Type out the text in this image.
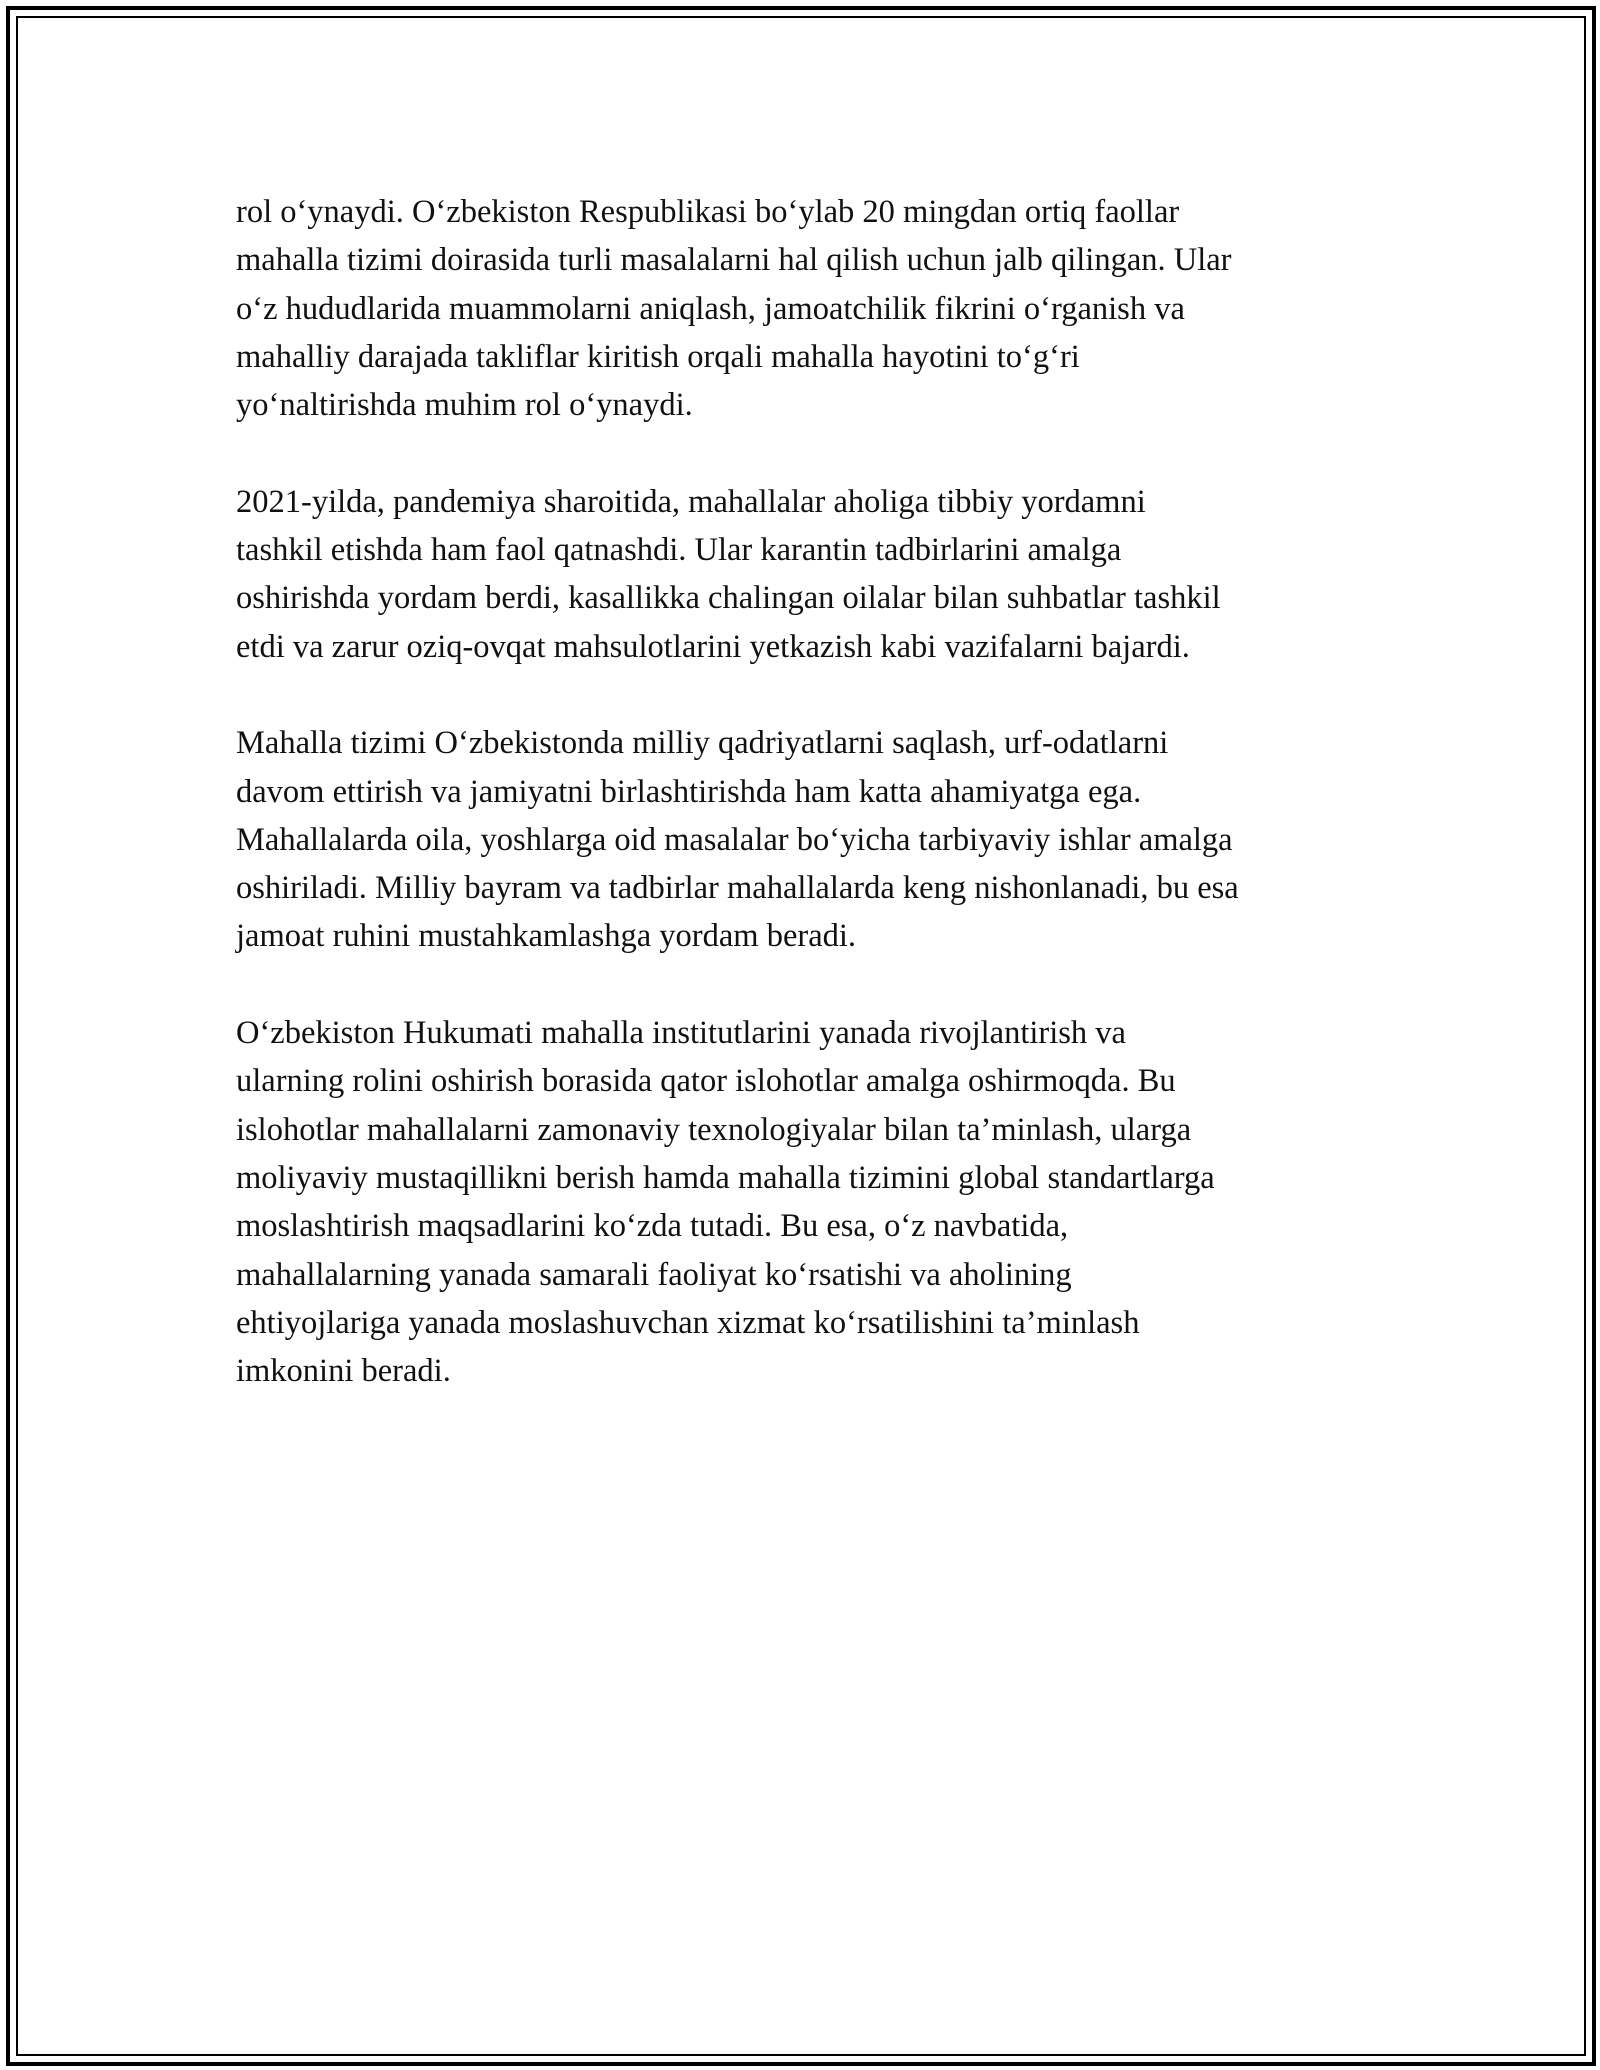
rol o‘ynaydi. O‘zbekiston Respublikasi bo‘ylab 20 mingdan ortiq faollar
mahalla tizimi doirasida turli masalalarni hal qilish uchun jalb qilingan. Ular
o‘z hududlarida muammolarni aniqlash, jamoatchilik fikrini o‘rganish va
mahalliy darajada takliflar kiritish orqali mahalla hayotini to‘g‘ri
yo‘naltirishda muhim rol o‘ynaydi.

2021-yilda, pandemiya sharoitida, mahallalar aholiga tibbiy yordamni
tashkil etishda ham faol qatnashdi. Ular karantin tadbirlarini amalga
oshirishda yordam berdi, kasallikka chalingan oilalar bilan suhbatlar tashkil
etdi va zarur oziq-ovqat mahsulotlarini yetkazish kabi vazifalarni bajardi.

Mahalla tizimi O‘zbekistonda milliy qadriyatlarni saqlash, urf-odatlarni
davom ettirish va jamiyatni birlashtirishda ham katta ahamiyatga ega.
Mahallalarda oila, yoshlarga oid masalalar bo‘yicha tarbiyaviy ishlar amalga
oshiriladi. Milliy bayram va tadbirlar mahallalarda keng nishonlanadi, bu esa
jamoat ruhini mustahkamlashga yordam beradi.

O‘zbekiston Hukumati mahalla institutlarini yanada rivojlantirish va
ularning rolini oshirish borasida qator islohotlar amalga oshirmoqda. Bu
islohotlar mahallalarni zamonaviy texnologiyalar bilan ta’minlash, ularga
moliyaviy mustaqillikni berish hamda mahalla tizimini global standartlarga
moslashtirish maqsadlarini ko‘zda tutadi. Bu esa, o‘z navbatida,
mahallalarning yanada samarali faoliyat ko‘rsatishi va aholining
ehtiyojlariga yanada moslashuvchan xizmat ko‘rsatilishini ta’minlash
imkonini beradi.
